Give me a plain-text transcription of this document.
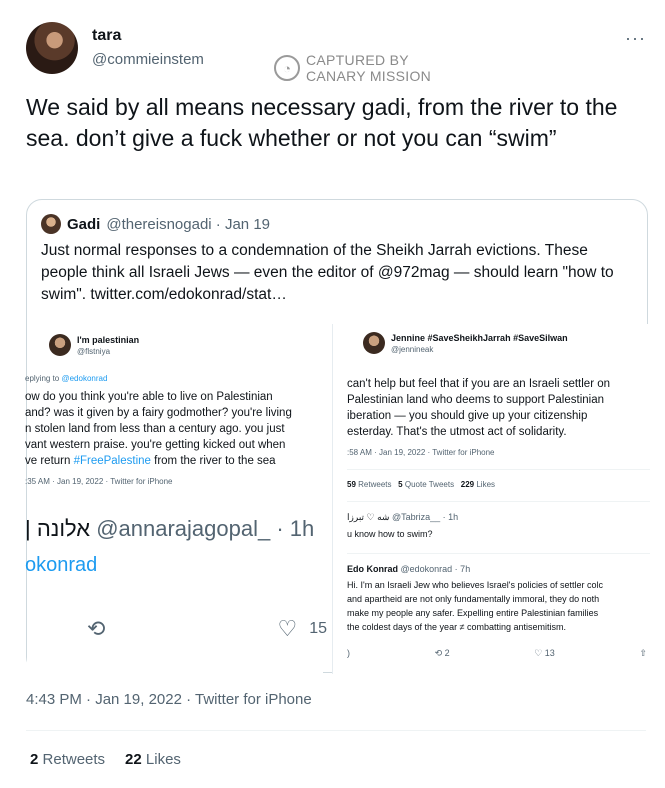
tara
@commieinstem
···
◔	CAPTURED BY
CANARY MISSION
We said by all means necessary gadi, from the river to the sea. don’t give a fuck whether or not you can “swim”
Gadi @thereisnogadi · Jan 19
Just normal responses to a condemnation of the Sheikh Jarrah evictions. These people think all Israeli Jews — even the editor of @972mag — should learn "how to swim". twitter.com/edokonrad/stat…
I'm palestinian
@flstniya
eplying to @edokonrad
ow do you think you're able to live on Palestinian
and? was it given by a fairy godmother? you're living
n stolen land from less than a century ago. you just
vant western praise. you're getting kicked out when
ve return #FreePalestine from the river to the sea
:35 AM · Jan 19, 2022 · Twitter for iPhone
| אלונה @annarajagopal_ · 1h
okonrad
⟲	♡ 15
Jennine #SaveSheikhJarrah #SaveSilwan
@jennineak
can't help but feel that if you are an Israeli settler on
Palestinian land who deems to support Palestinian
iberation — you should give up your citizenship
esterday. That's the utmost act of solidarity.
:58 AM · Jan 19, 2022 · Twitter for iPhone
59 Retweets 5 Quote Tweets 229 Likes
شه ♡ تبرزا @Tabriza__ · 1h
u know how to swim?
Edo Konrad @edokonrad · 7h
Hi. I'm an Israeli Jew who believes Israel's policies of settler colc
and apartheid are not only fundamentally immoral, they do noth
make my people any safer. Expelling entire Palestinian families
the coldest days of the year ≠ combatting antisemitism.
)	⟲ 2	♡ 13	⇧
4:43 PM · Jan 19, 2022 · Twitter for iPhone
2 Retweets 22 Likes
